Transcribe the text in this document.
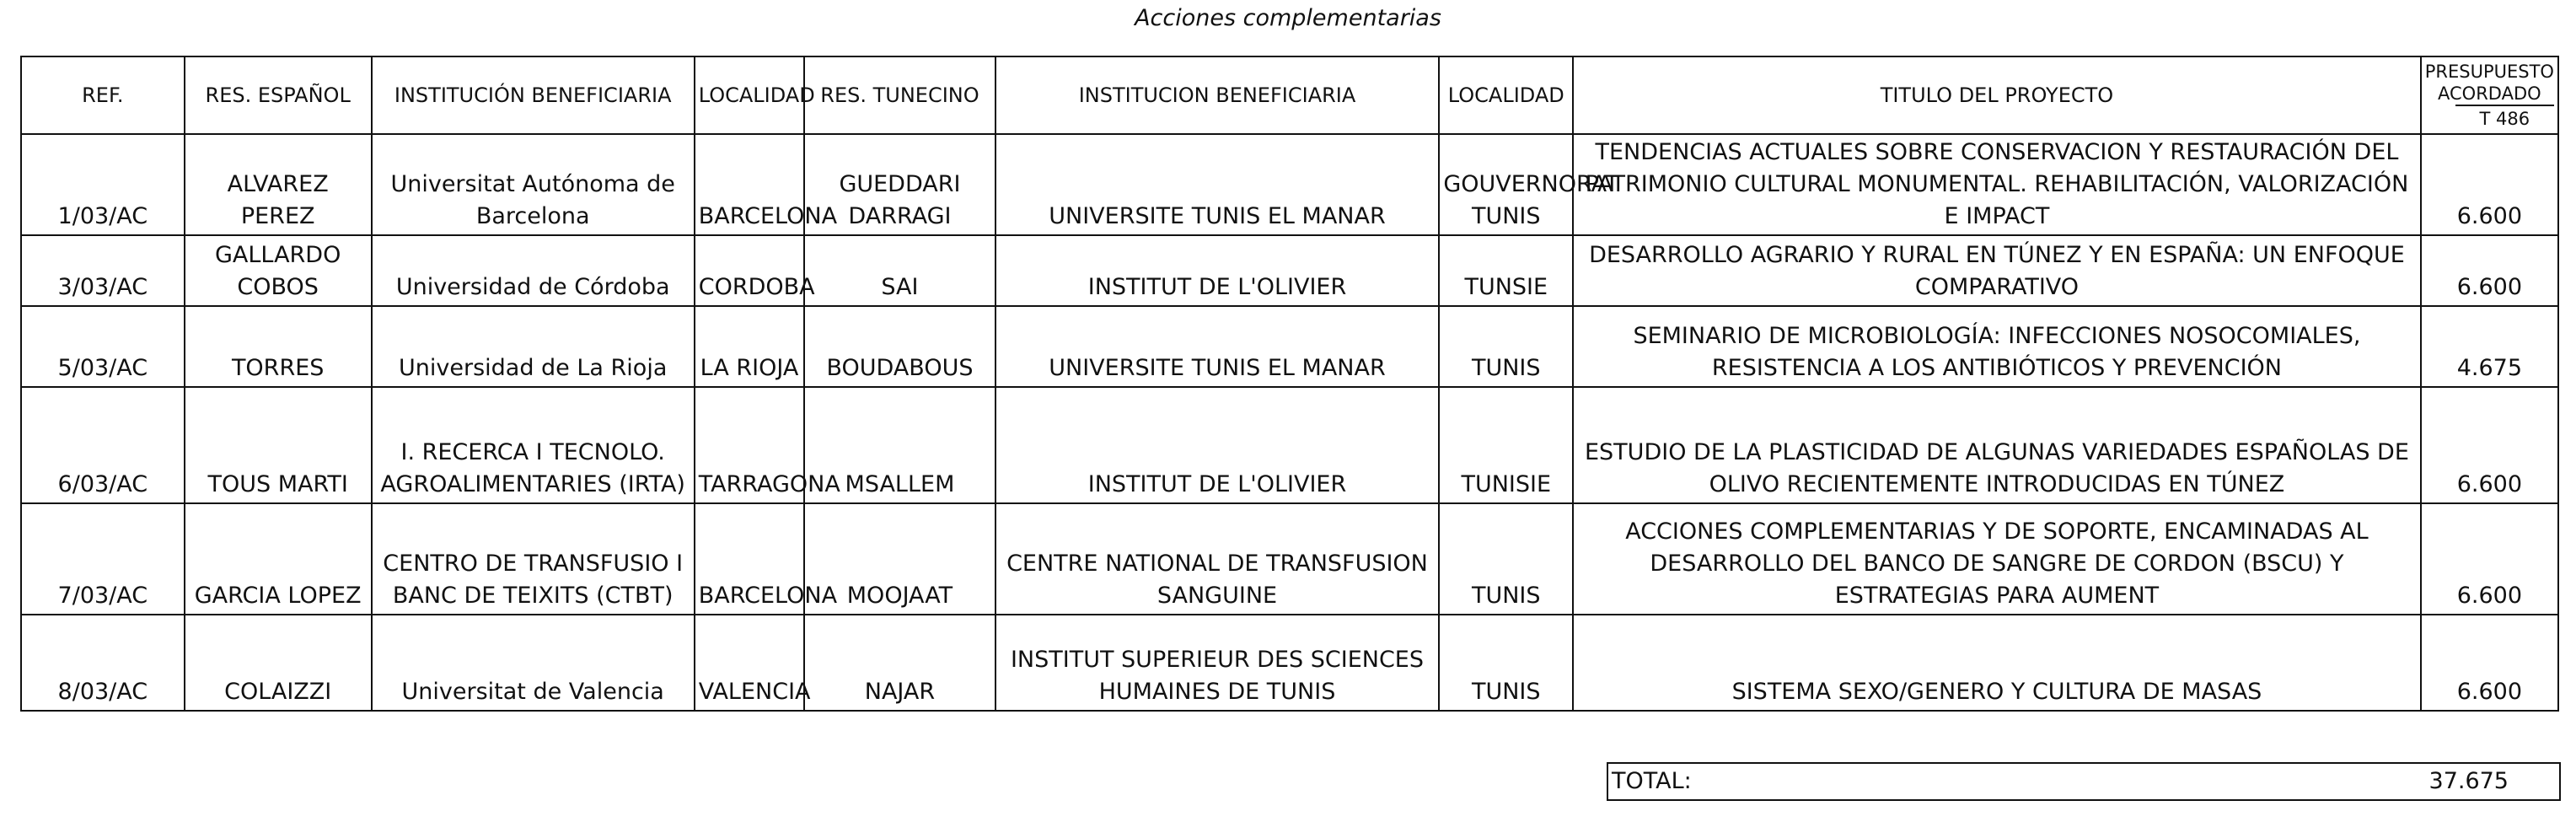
Acciones complementarias
REF.	RES. ESPAÑOL	INSTITUCIÓN BENEFICIARIA	LOCALIDAD	RES. TUNECINO	INSTITUCION BENEFICIARIA	LOCALIDAD	TITULO DEL PROYECTO	PRESUPUESTO ACORDADO
T 486

1/03/AC	ALVAREZ PEREZ	Universitat Autónoma de Barcelona	BARCELONA	GUEDDARI DARRAGI	UNIVERSITE TUNIS EL MANAR	GOUVERNORAT TUNIS	TENDENCIAS ACTUALES SOBRE CONSERVACION Y RESTAURACIÓN DEL PATRIMONIO CULTURAL MONUMENTAL. REHABILITACIÓN, VALORIZACIÓN E IMPACT	6.600
3/03/AC	GALLARDO COBOS	Universidad de Córdoba	CORDOBA	SAI	INSTITUT DE L'OLIVIER	TUNSIE	DESARROLLO AGRARIO Y RURAL EN TÚNEZ Y EN ESPAÑA: UN ENFOQUE COMPARATIVO	6.600
5/03/AC	TORRES	Universidad de La Rioja	LA RIOJA	BOUDABOUS	UNIVERSITE TUNIS EL MANAR	TUNIS	SEMINARIO DE MICROBIOLOGÍA: INFECCIONES NOSOCOMIALES, RESISTENCIA A LOS ANTIBIÓTICOS Y PREVENCIÓN	4.675
6/03/AC	TOUS MARTI	I. RECERCA I TECNOLO. AGROALIMENTARIES (IRTA)	TARRAGONA	MSALLEM	INSTITUT DE L'OLIVIER	TUNISIE	ESTUDIO DE LA PLASTICIDAD DE ALGUNAS VARIEDADES ESPAÑOLAS DE OLIVO RECIENTEMENTE INTRODUCIDAS EN TÚNEZ	6.600
7/03/AC	GARCIA LOPEZ	CENTRO DE TRANSFUSIO I BANC DE TEIXITS (CTBT)	BARCELONA	MOOJAAT	CENTRE NATIONAL DE TRANSFUSION SANGUINE	TUNIS	ACCIONES COMPLEMENTARIAS Y DE SOPORTE, ENCAMINADAS AL DESARROLLO DEL BANCO DE SANGRE DE CORDON (BSCU) Y ESTRATEGIAS PARA AUMENT	6.600
8/03/AC	COLAIZZI	Universitat de Valencia	VALENCIA	NAJAR	INSTITUT SUPERIEUR DES SCIENCES HUMAINES DE TUNIS	TUNIS	SISTEMA SEXO/GENERO Y CULTURA DE MASAS	6.600
TOTAL:	37.675
